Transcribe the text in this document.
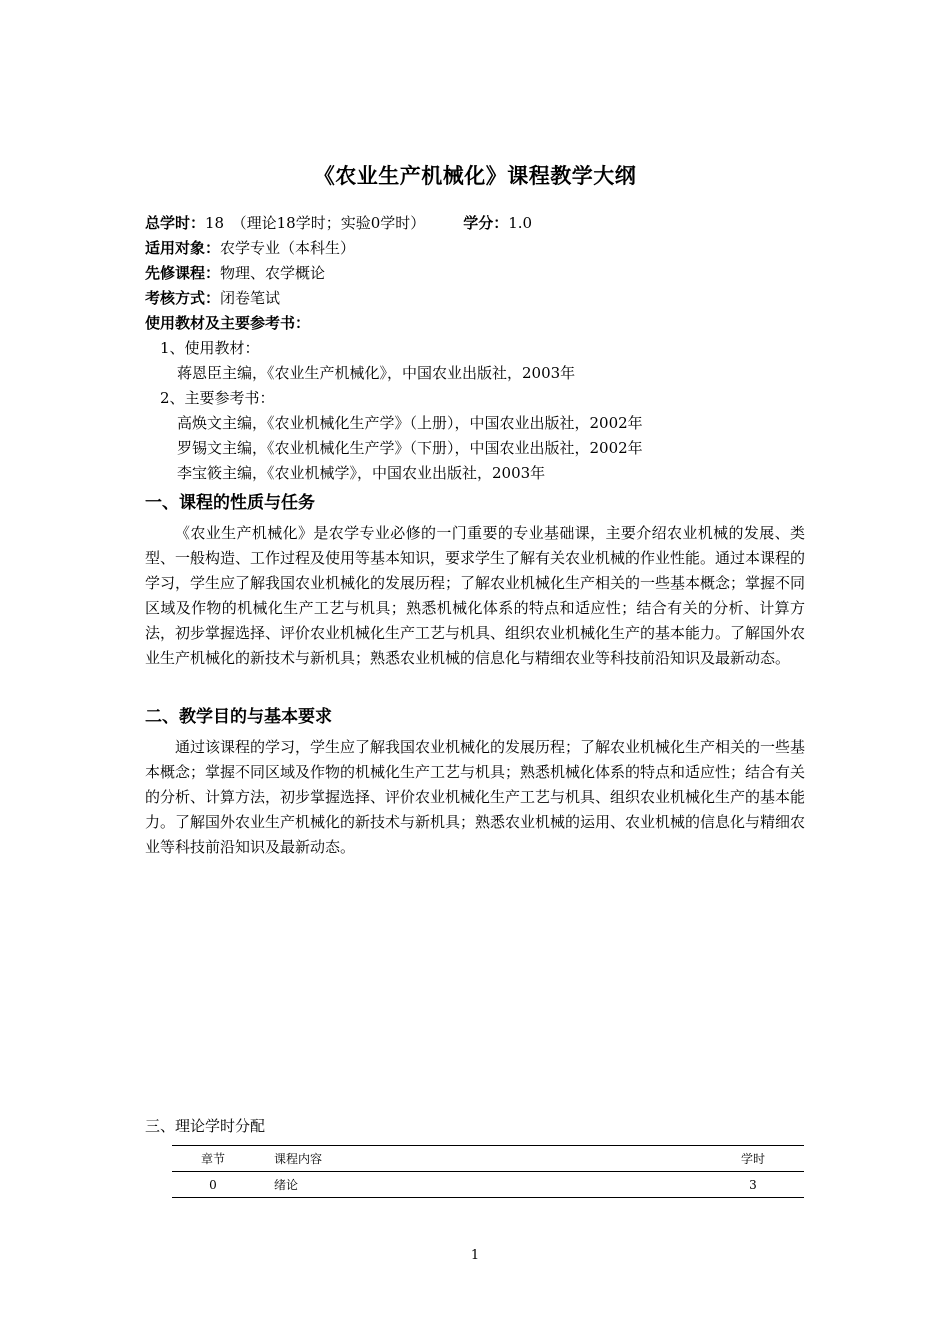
《农业生产机械化》课程教学大纲
总学时：18　（理论18学时；实验0学时）	学分：1.0
适用对象：农学专业（本科生）
先修课程：物理、农学概论
考核方式：闭卷笔试
使用教材及主要参考书：
1、使用教材：
蒋恩臣主编，《农业生产机械化》，中国农业出版社，2003年
2、主要参考书：
高焕文主编，《农业机械化生产学》（上册），中国农业出版社，2002年
罗锡文主编，《农业机械化生产学》（下册），中国农业出版社，2002年
李宝筱主编，《农业机械学》，中国农业出版社，2003年
一、课程的性质与任务

《农业生产机械化》是农学专业必修的一门重要的专业基础课，主要介绍农业机械的发展、类型、一般构造、工作过程及使用等基本知识，要求学生了解有关农业机械的作业性能。通过本课程的学习，学生应了解我国农业机械化的发展历程；了解农业机械化生产相关的一些基本概念；掌握不同区域及作物的机械化生产工艺与机具；熟悉机械化体系的特点和适应性；结合有关的分析、计算方法，初步掌握选择、评价农业机械化生产工艺与机具、组织农业机械化生产的基本能力。了解国外农业生产机械化的新技术与新机具；熟悉农业机械的信息化与精细农业等科技前沿知识及最新动态。

二、教学目的与基本要求

通过该课程的学习，学生应了解我国农业机械化的发展历程；了解农业机械化生产相关的一些基本概念；掌握不同区域及作物的机械化生产工艺与机具；熟悉机械化体系的特点和适应性；结合有关的分析、计算方法，初步掌握选择、评价农业机械化生产工艺与机具、组织农业机械化生产的基本能力。了解国外农业生产机械化的新技术与新机具；熟悉农业机械的运用、农业机械的信息化与精细农业等科技前沿知识及最新动态。

三、理论学时分配
章节	课程内容	学时
0	绪论	3
1
